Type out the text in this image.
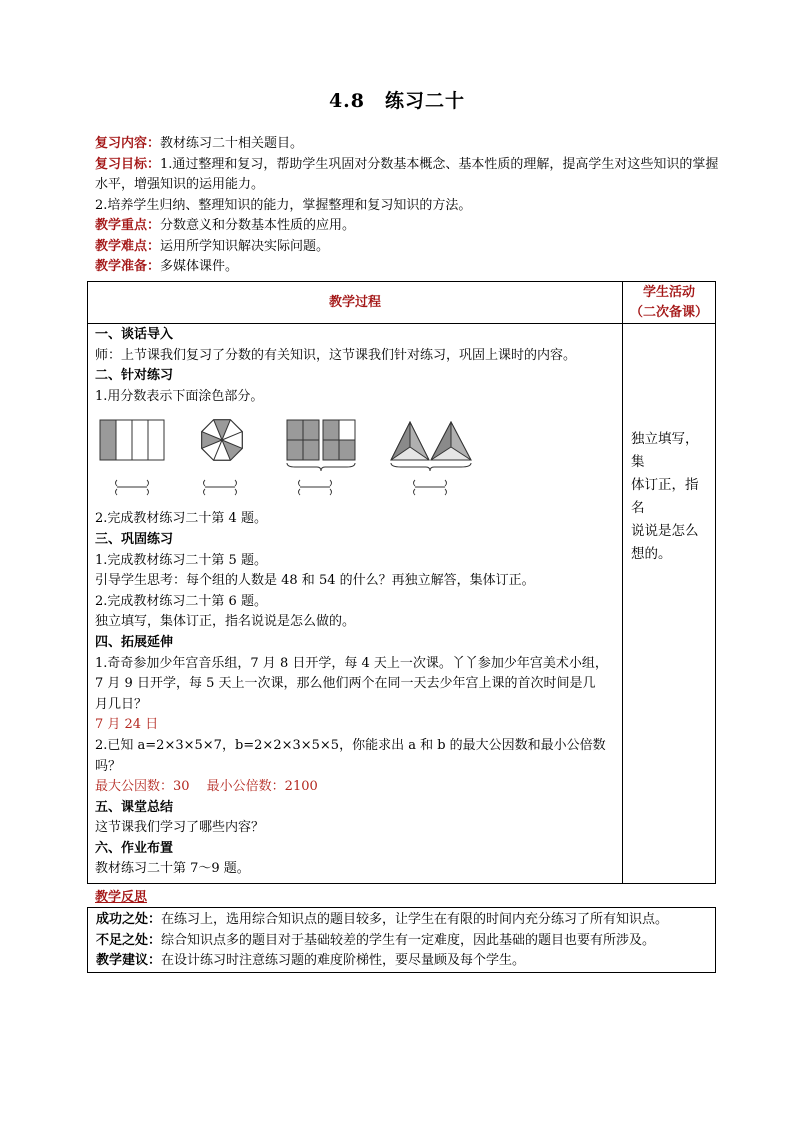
4.8 练习二十

复习内容：教材练习二十相关题目。

复习目标：1.通过整理和复习，帮助学生巩固对分数基本概念、基本性质的理解，提高学生对这些知识的掌握水平，增强知识的运用能力。

2.培养学生归纳、整理知识的能力，掌握整理和复习知识的方法。

教学重点：分数意义和分数基本性质的应用。

教学难点：运用所学知识解决实际问题。

教学准备：多媒体课件。

教学过程
学生活动
（二次备课）
一、谈话导入
师：上节课我们复习了分数的有关知识，这节课我们针对练习，巩固上课时的内容。
二、针对练习
1.用分数表示下面涂色部分。
2.完成教材练习二十第 4 题。
三、巩固练习
1.完成教材练习二十第 5 题。
引导学生思考：每个组的人数是 48 和 54 的什么？再独立解答，集体订正。
2.完成教材练习二十第 6 题。
独立填写，集体订正，指名说说是怎么做的。
四、拓展延伸
1.奇奇参加少年宫音乐组，7 月 8 日开学，每 4 天上一次课。丫丫参加少年宫美术小组，
7 月 9 日开学，每 5 天上一次课，那么他们两个在同一天去少年宫上课的首次时间是几
月几日？
7 月 24 日
2.已知 a=2×3×5×7，b=2×2×3×5×5，你能求出 a 和 b 的最大公因数和最小公倍数
吗？
最大公因数：30　 最小公倍数：2100
五、课堂总结
这节课我们学习了哪些内容？
六、作业布置
教材练习二十第 7～9 题。
独立填写，集
体订正，指名
说说是怎么
想的。
教学反思
成功之处：在练习上，选用综合知识点的题目较多，让学生在有限的时间内充分练习了所有知识点。
不足之处：综合知识点多的题目对于基础较差的学生有一定难度，因此基础的题目也要有所涉及。
教学建议：在设计练习时注意练习题的难度阶梯性，要尽量顾及每个学生。
